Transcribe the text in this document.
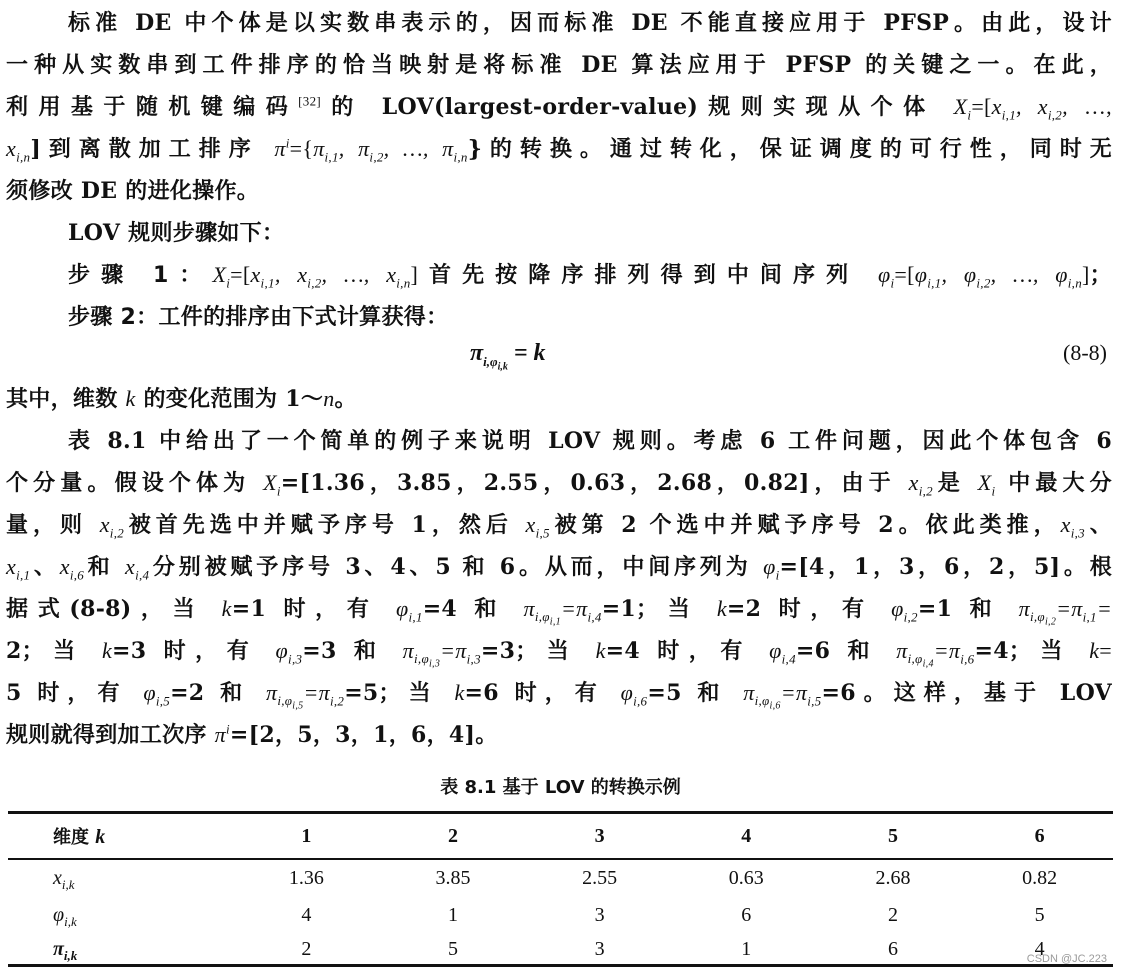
标准 DE 中个体是以实数串表示的，因而标准 DE 不能直接应用于 PFSP。由此，设计
一种从实数串到工件排序的恰当映射是将标准 DE 算法应用于 PFSP 的关键之一。在此，
利用基于随机键编码[32]的 LOV(largest-order-value)规则实现从个体 $X_i=[x_{i,1}$, $x_{i,2}$, …,
$x_{i,n}$]到离散加工排序 $\pi^i=\{\pi_{i,1}$, $\pi_{i,2}$, …, $\pi_{i,n}$}的转换。通过转化，保证调度的可行性，同时无
须修改 DE 的进化操作。
LOV 规则步骤如下：
步骤 1：$X_i=[x_{i,1}$, $x_{i,2}$, …, $x_{i,n}$]首先按降序排列得到中间序列 $\varphi_i=[\varphi_{i,1}$, $\varphi_{i,2}$, …, $\varphi_{i,n}$]；
步骤 2：工件的排序由下式计算获得：
$\pi_{i,\varphi_{i,k}} = k$	(8-8)
其中，维数 k 的变化范围为 1～n。
表 8.1 中给出了一个简单的例子来说明 LOV 规则。考虑 6 工件问题，因此个体包含 6
个分量。假设个体为 $X_i=[1.36$，3.85，2.55，0.63，2.68，0.82]，由于 $x_{i,2}$是 $X_i$ 中最大分
量，则 $x_{i,2}$被首先选中并赋予序号 1，然后 $x_{i,5}$被第 2 个选中并赋予序号 2。依此类推，$x_{i,3}$、
$x_{i,1}$、$x_{i,6}$和 $x_{i,4}$分别被赋予序号 3、4、5 和 6。从而，中间序列为 $\varphi_i=[4$，1，3，6，2，5]。根
据式(8-8)，当 k=1 时，有 $\varphi_{i,1}=4$ 和 $\pi_{i,\varphi_{i,1}}=\pi_{i,4}=1$；当 k=2 时，有 $\varphi_{i,2}=1$ 和 $\pi_{i,\varphi_{i,2}}=\pi_{i,1}=$
2；当 k=3 时，有 $\varphi_{i,3}=3$ 和 $\pi_{i,\varphi_{i,3}}=\pi_{i,3}=3$；当 k=4 时，有 $\varphi_{i,4}=6$ 和 $\pi_{i,\varphi_{i,4}}=\pi_{i,6}=4$；当 k=
5 时，有 $\varphi_{i,5}=2$ 和 $\pi_{i,\varphi_{i,5}}=\pi_{i,2}=5$；当 k=6 时，有 $\varphi_{i,6}=5$ 和 $\pi_{i,\varphi_{i,6}}=\pi_{i,5}=6$。这样，基于 LOV
规则就得到加工次序 $\pi^i=[2$，5，3，1，6，4]。
表 8.1 基于 LOV 的转换示例
维度 k	1	2	3	4	5	6
$x_{i,k}$	1.36	3.85	2.55	0.63	2.68	0.82
$\varphi_{i,k}$	4	1	3	6	2	5
$\pi_{i,k}$	2	5	3	1	6	4
CSDN @JC.223
